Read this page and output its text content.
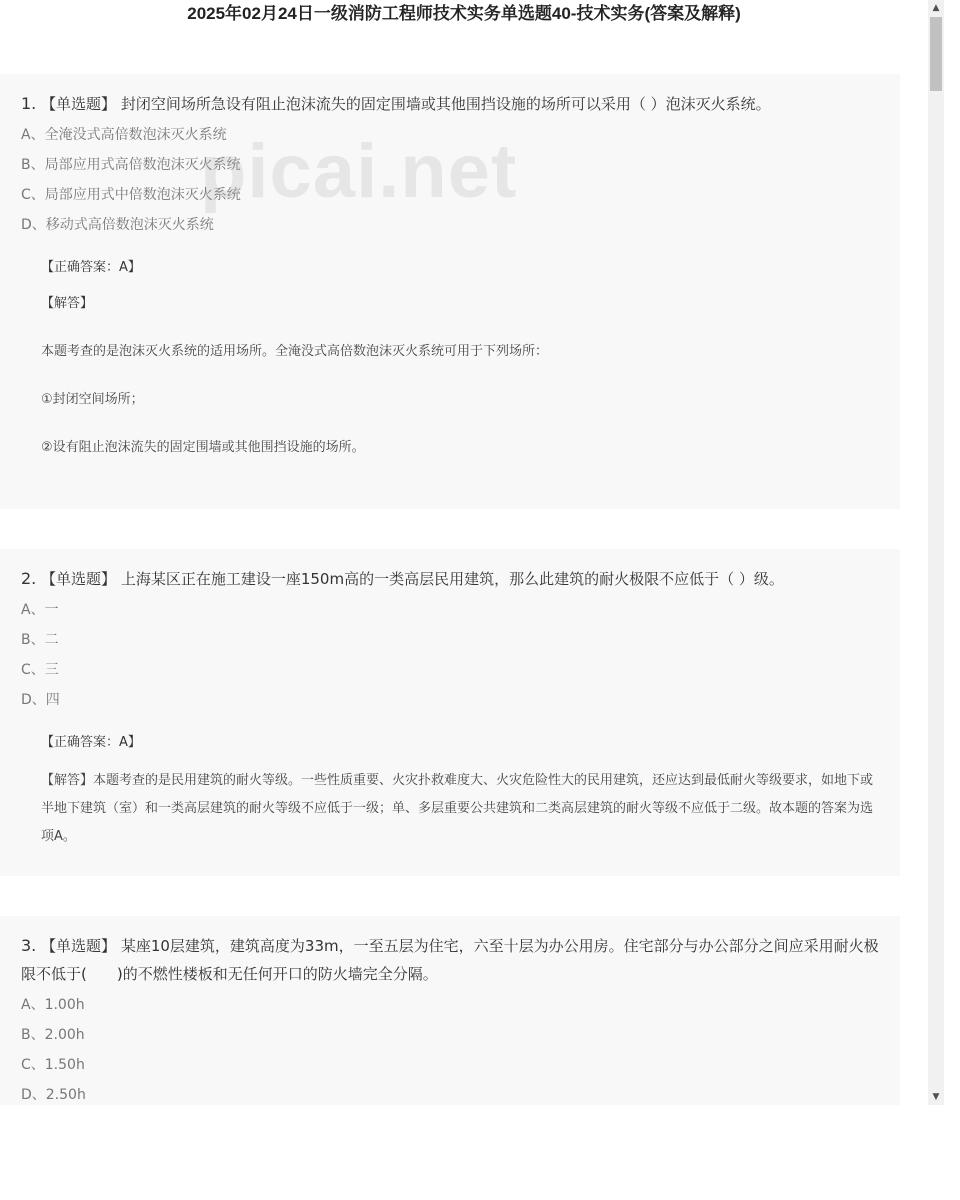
2025年02月24日一级消防工程师技术实务单选题40-技术实务(答案及解释)

1. 【单选题】 封闭空间场所急设有阻止泡沫流失的固定围墙或其他围挡设施的场所可以采用（ ）泡沫灭火系统。

A、全淹没式高倍数泡沫灭火系统

B、局部应用式高倍数泡沫灭火系统

C、局部应用式中倍数泡沫灭火系统

D、移动式高倍数泡沫灭火系统

【正确答案：A】
【解答】
本题考查的是泡沫灭火系统的适用场所。全淹没式高倍数泡沫灭火系统可用于下列场所：
①封闭空间场所；
②设有阻止泡沫流失的固定围墙或其他围挡设施的场所。

2. 【单选题】 上海某区正在施工建设一座150m高的一类高层民用建筑，那么此建筑的耐火极限不应低于（ ）级。

A、一

B、二

C、三

D、四

【正确答案：A】
【解答】本题考查的是民用建筑的耐火等级。一些性质重要、火灾扑救难度大、火灾危险性大的民用建筑，还应达到最低耐火等级要求，如地下或半地下建筑（室）和一类高层建筑的耐火等级不应低于一级；单、多层重要公共建筑和二类高层建筑的耐火等级不应低于二级。故本题的答案为选项A。

3. 【单选题】 某座10层建筑，建筑高度为33m，一至五层为住宅，六至十层为办公用房。住宅部分与办公部分之间应采用耐火极限不低于(　　)的不燃性楼板和无任何开口的防火墙完全分隔。

A、1.00h

B、2.00h

C、1.50h

D、2.50h

picai.net
▲
▼
